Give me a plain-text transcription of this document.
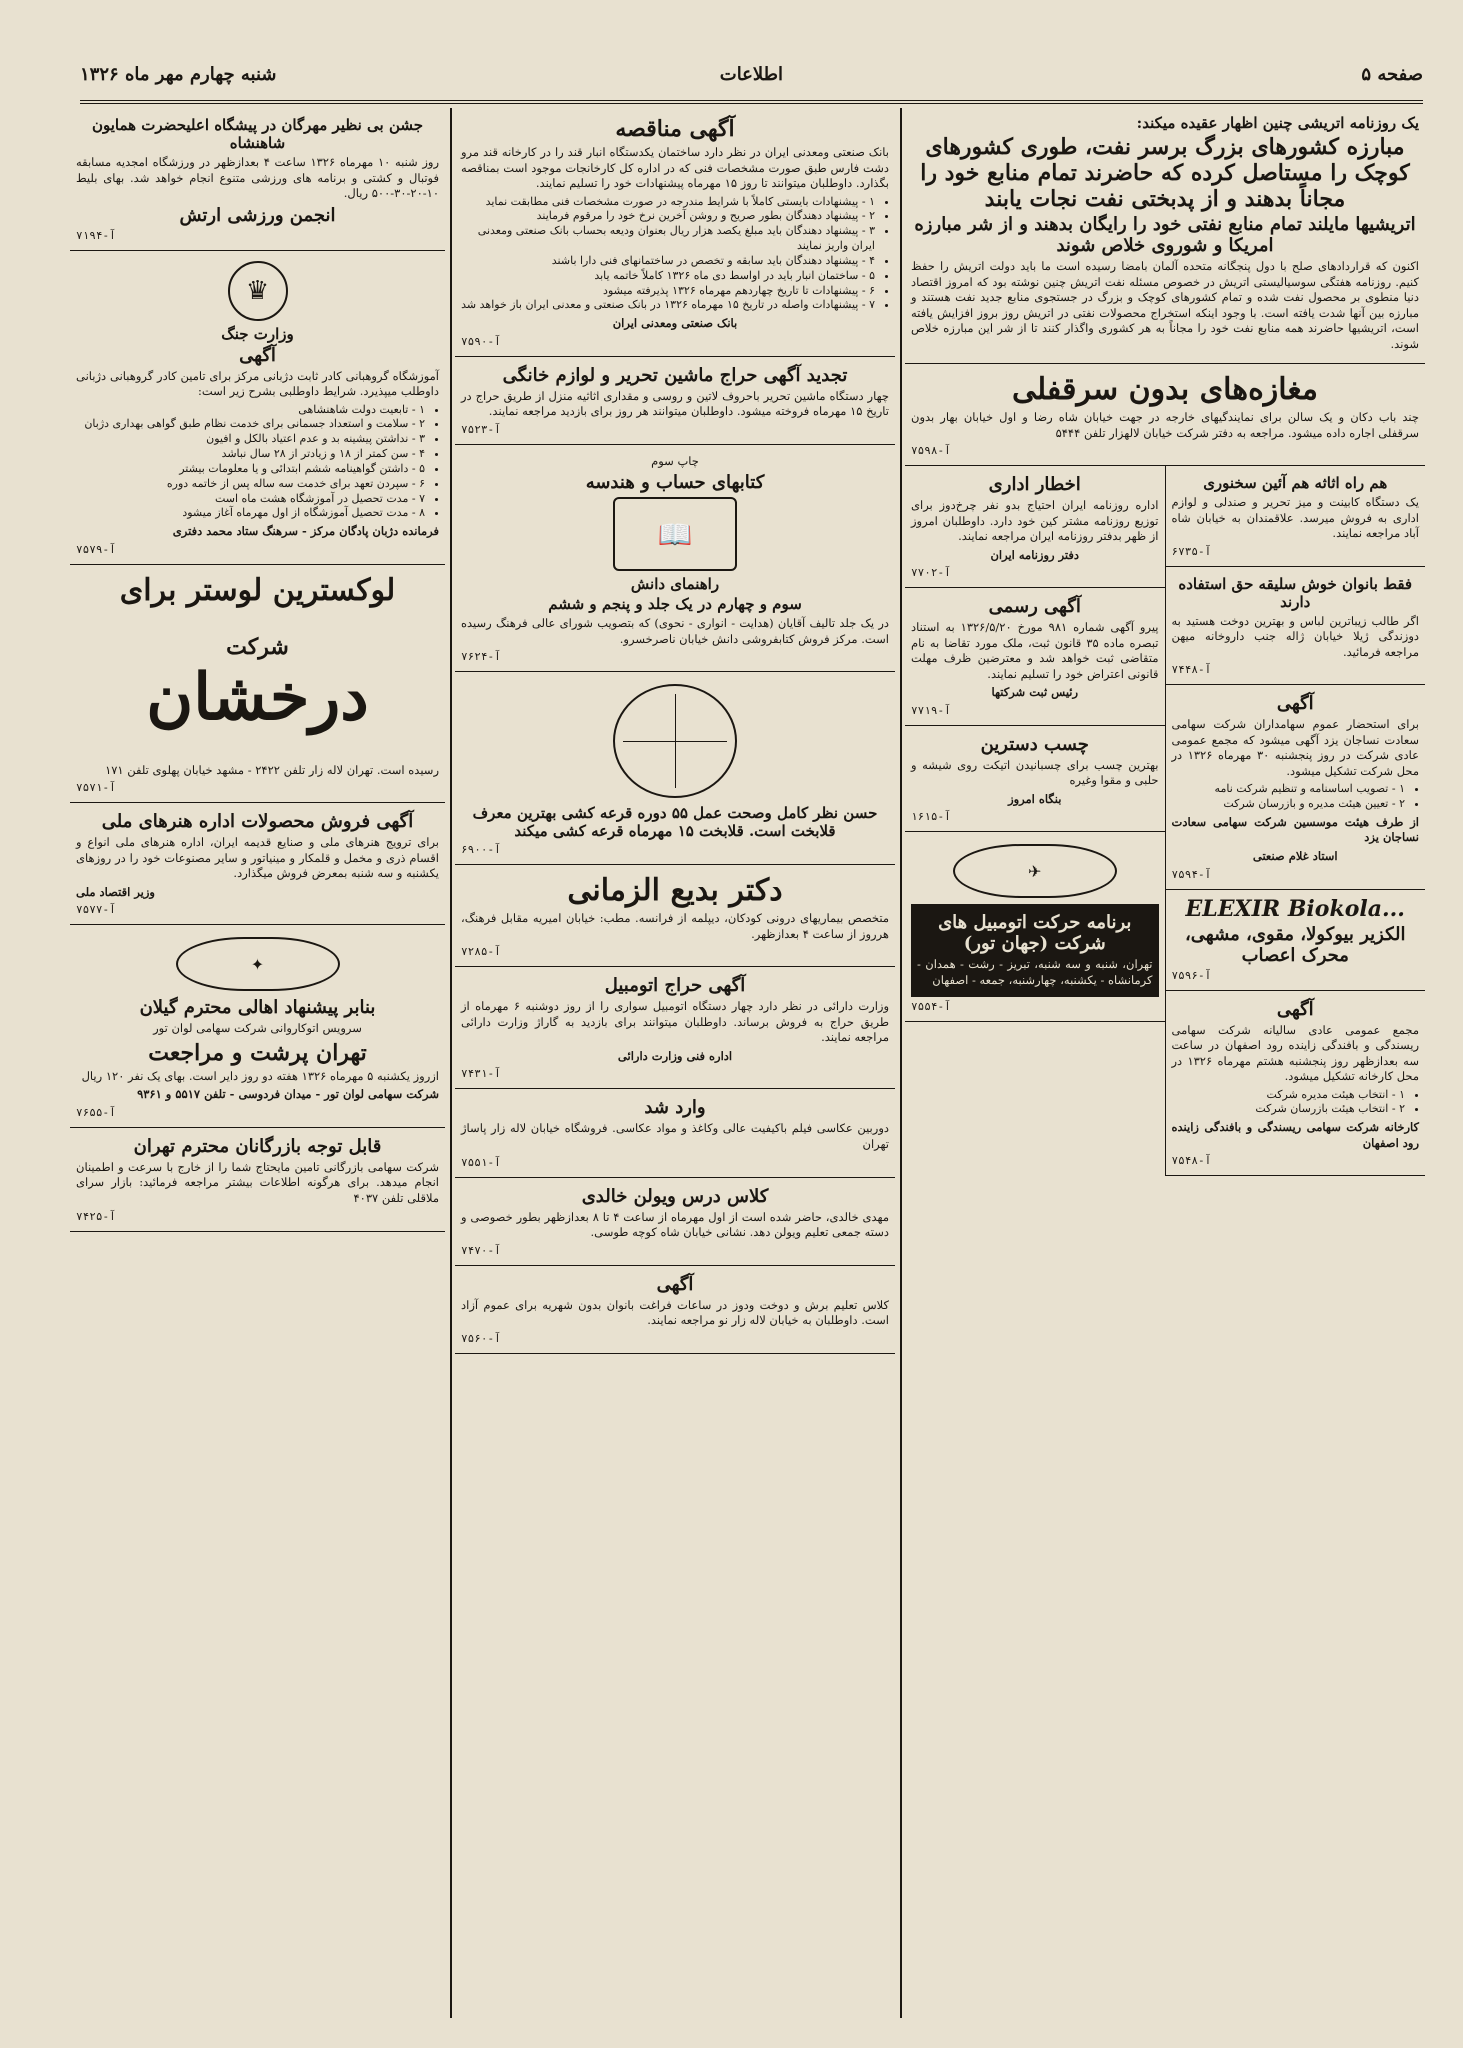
صفحه ۵
اطلاعات
شنبه چهارم مهر ماه ۱۳۲۶
یک روزنامه اتریشی چنین اظهار عقیده میکند:
مبارزه کشورهای بزرگ برسر نفت، طوری کشورهای کوچک را مستاصل کرده که حاضرند تمام منابع خود را مجاناً بدهند و از پدبختی نفت نجات یابند
اتریشیها مایلند تمام منابع نفتی خود را رایگان بدهند و از شر مبارزه امریکا و شوروی خلاص شوند

اکنون که قراردادهای صلح با دول پنجگانه متحده آلمان بامضا رسیده است ما باید دولت اتریش را حفظ کنیم. روزنامه هفتگی سوسیالیستی اتریش در خصوص مسئله نفت اتریش چنین نوشته بود که امروز اقتصاد دنیا منطوی بر محصول نفت شده و تمام کشورهای کوچک و بزرگ در جستجوی منابع جدید نفت هستند و مبارزه بین آنها شدت یافته است. با وجود اینکه استخراج محصولات نفتی در اتریش روز بروز افزایش یافته است، اتریشیها حاضرند همه منابع نفت خود را مجاناً به هر کشوری واگذار کنند تا از شر این مبارزه خلاص شوند.

مغازه‌های بدون سرقفلی

چند باب دکان و یک سالن برای نمایندگیهای خارجه در جهت خیابان شاه رضا و اول خیابان بهار بدون سرقفلی اجاره داده میشود. مراجعه به دفتر شرکت خیابان لالهزار تلفن ۵۴۴۴

آ-۷۵۹۸
هم راه اثاثه هم آئین سخنوری

یک دستگاه کابینت و میز تحریر و صندلی و لوازم اداری به فروش میرسد. علاقمندان به خیابان شاه آباد مراجعه نمایند.

آ-۶۷۳۵
فقط بانوان خوش سلیقه حق استفاده دارند

اگر طالب زیباترین لباس و بهترین دوخت هستید به دوزندگی ژیلا خیابان ژاله جنب داروخانه میهن مراجعه فرمائید.

آ-۷۴۴۸
آگهی

برای استحضار عموم سهامداران شرکت سهامی سعادت نساجان یزد آگهی میشود که مجمع عمومی عادی شرکت در روز پنجشنبه ۳۰ مهرماه ۱۳۲۶ در محل شرکت تشکیل میشود.

• ۱ - تصویب اساسنامه و تنظیم شرکت نامه
• ۲ - تعیین هیئت مدیره و بازرسان شرکت

از طرف هیئت موسسین شرکت سهامی سعادت نساجان یزد

استاد غلام صنعتی

آ-۷۵۹۴
ELEXIR Biokola...
الکزیر بیوکولا، مقوی، مشهی، محرک اعصاب
آ-۷۵۹۶
آگهی

مجمع عمومی عادی سالیانه شرکت سهامی ریسندگی و بافندگی زاینده رود اصفهان در ساعت سه بعدازظهر روز پنجشنبه هشتم مهرماه ۱۳۲۶ در محل کارخانه تشکیل میشود.

• ۱ - انتخاب هیئت مدیره شرکت
• ۲ - انتخاب هیئت بازرسان شرکت

کارخانه شرکت سهامی ریسندگی و بافندگی زاینده رود اصفهان

آ-۷۵۴۸
اخطار اداری

اداره روزنامه ایران احتیاج بدو نفر چرخ‌دوز برای توزیع روزنامه مشتر کین خود دارد. داوطلبان امروز از ظهر بدفتر روزنامه ایران مراجعه نمایند.

دفتر روزنامه ایران

آ-۷۷۰۲
آگهی رسمی

پیرو آگهی شماره ۹۸۱ مورخ ۱۳۲۶/۵/۲۰ به استناد تبصره ماده ۳۵ قانون ثبت، ملک مورد تقاضا به نام متقاضی ثبت خواهد شد و معترضین ظرف مهلت قانونی اعتراض خود را تسلیم نمایند.

رئیس ثبت شرکتها

آ-۷۷۱۹
چسب دسترین

بهترین چسب برای چسبانیدن اتیکت روی شیشه و حلبی و مقوا وغیره

بنگاه امروز

آ-۱۶۱۵
✈
برنامه حرکت اتومبیل های شرکت (جهان تور)

تهران، شنبه و سه شنبه، تبریز - رشت - همدان - کرمانشاه - یکشنبه، چهارشنبه، جمعه - اصفهان

آ-۷۵۵۴
آگهی مناقصه

بانک صنعتی ومعدنی ایران در نظر دارد ساختمان یکدستگاه انبار قند را در کارخانه قند مرو دشت فارس طبق صورت مشخصات فنی که در اداره کل کارخانجات موجود است بمناقصه بگذارد. داوطلبان میتوانند تا روز ۱۵ مهرماه پیشنهادات خود را تسلیم نمایند.

• ۱ - پیشنهادات بایستی کاملاً با شرایط مندرجه در صورت مشخصات فنی مطابقت نماید
• ۲ - پیشنهاد دهندگان بطور صریح و روشن آخرین نرخ خود را مرقوم فرمایند
• ۳ - پیشنهاد دهندگان باید مبلغ یکصد هزار ریال بعنوان ودیعه بحساب بانک صنعتی ومعدنی ایران واریز نمایند
• ۴ - پیشنهاد دهندگان باید سابقه و تخصص در ساختمانهای فنی دارا باشند
• ۵ - ساختمان انبار باید در اواسط دی ماه ۱۳۲۶ کاملاً خاتمه یابد
• ۶ - پیشنهادات تا تاریخ چهاردهم مهرماه ۱۳۲۶ پذیرفته میشود
• ۷ - پیشنهادات واصله در تاریخ ۱۵ مهرماه ۱۳۲۶ در بانک صنعتی و معدنی ایران باز خواهد شد

بانک صنعتی ومعدنی ایران

آ-۷۵۹۰
تجدید آگهی حراج ماشین تحریر و لوازم خانگی

چهار دستگاه ماشین تحریر باحروف لاتین و روسی و مقداری اثاثیه منزل از طریق حراج در تاریخ ۱۵ مهرماه فروخته میشود. داوطلبان میتوانند هر روز برای بازدید مراجعه نمایند.

آ-۷۵۲۳

چاپ سوم

کتابهای حساب و هندسه
📖
راهنمای دانش
سوم و چهارم در یک جلد و پنجم و ششم

در یک جلد تالیف آقایان (هدایت - انواری - نحوی) که بتصویب شورای عالی فرهنگ رسیده است. مرکز فروش کتابفروشی دانش خیابان ناصرخسرو.

آ-۷۶۲۴
حسن نظر کامل وصحت عمل ۵۵ دوره قرعه کشی بهترین معرف قلابخت است. قلابخت ۱۵ مهرماه قرعه کشی میکند
آ-۶۹۰۰
دکتر بدیع الزمانی

متخصص بیماریهای درونی کودکان، دیپلمه از فرانسه. مطب: خیابان امیریه مقابل فرهنگ، هرروز از ساعت ۴ بعدازظهر.

آ-۷۲۸۵
آگهی حراج اتومبیل

وزارت دارائی در نظر دارد چهار دستگاه اتومبیل سواری را از روز دوشنبه ۶ مهرماه از طریق حراج به فروش برساند. داوطلبان میتوانند برای بازدید به گاراژ وزارت دارائی مراجعه نمایند.

اداره فنی وزارت دارائی

آ-۷۴۳۱
وارد شد

دوربین عکاسی فیلم باکیفیت عالی وکاغذ و مواد عکاسی. فروشگاه خیابان لاله زار پاساژ تهران

آ-۷۵۵۱
کلاس درس ویولن خالدی

مهدی خالدی، حاضر شده است از اول مهرماه از ساعت ۴ تا ۸ بعدازظهر بطور خصوصی و دسته جمعی تعلیم ویولن دهد. نشانی خیابان شاه کوچه طوسی.

آ-۷۴۷۰
آگهی

کلاس تعلیم برش و دوخت ودوز در ساعات فراغت بانوان بدون شهریه برای عموم آزاد است. داوطلبان به خیابان لاله زار نو مراجعه نمایند.

آ-۷۵۶۰
جشن بی نظیر مهرگان در پیشگاه اعلیحضرت همایون شاهنشاه

روز شنبه ۱۰ مهرماه ۱۳۲۶ ساعت ۴ بعدازظهر در ورزشگاه امجدیه مسابقه فوتبال و کشتی و برنامه های ورزشی متنوع انجام خواهد شد. بهای بلیط ۱۰-۲۰-۳۰-۵۰۰ ریال.

انجمن ورزشی ارتش
آ-۷۱۹۴
♛
وزارت جنگ
آگهی

آموزشگاه گروهبانی کادر ثابت دژبانی مرکز برای تامین کادر گروهبانی دژبانی داوطلب میپذیرد. شرایط داوطلبی بشرح زیر است:

• ۱ - تابعیت دولت شاهنشاهی
• ۲ - سلامت و استعداد جسمانی برای خدمت نظام طبق گواهی بهداری دژبان
• ۳ - نداشتن پیشینه بد و عدم اعتیاد بالکل و افیون
• ۴ - سن کمتر از ۱۸ و زیادتر از ۲۸ سال نباشد
• ۵ - داشتن گواهینامه ششم ابتدائی و یا معلومات بیشتر
• ۶ - سپردن تعهد برای خدمت سه ساله پس از خاتمه دوره
• ۷ - مدت تحصیل در آموزشگاه هشت ماه است
• ۸ - مدت تحصیل آموزشگاه از اول مهرماه آغاز میشود

فرمانده دژبان پادگان مرکز - سرهنگ ستاد محمد دفتری

آ-۷۵۷۹
لوکسترین لوستر برای
شرکت
درخشان

رسیده است. تهران لاله زار تلفن ۲۴۲۲ - مشهد خیابان پهلوی تلفن ۱۷۱

آ-۷۵۷۱
آگهی فروش محصولات اداره هنرهای ملی

برای ترویج هنرهای ملی و صنایع قدیمه ایران، اداره هنرهای ملی انواع و اقسام ذری و مخمل و قلمکار و مینیاتور و سایر مصنوعات خود را در روزهای یکشنبه و سه شنبه بمعرض فروش میگذارد.

وزیر اقتصاد ملی

آ-۷۵۷۷
✦
بنابر پیشنهاد اهالی محترم گیلان

سرویس اتوکاروانی شرکت سهامی لوان تور

تهران پرشت و مراجعت

ازروز یکشنبه ۵ مهرماه ۱۳۲۶ هفته دو روز دایر است. بهای یک نفر ۱۲۰ ریال

شرکت سهامی لوان تور - میدان فردوسی - تلفن ۵۵۱۷ و ۹۳۶۱

آ-۷۶۵۵
قابل توجه بازرگانان محترم تهران

شرکت سهامی بازرگانی تامین مایحتاج شما را از خارج با سرعت و اطمینان انجام میدهد. برای هرگونه اطلاعات بیشتر مراجعه فرمائید: بازار سرای ملاقلی تلفن ۴۰۳۷

آ-۷۴۲۵
